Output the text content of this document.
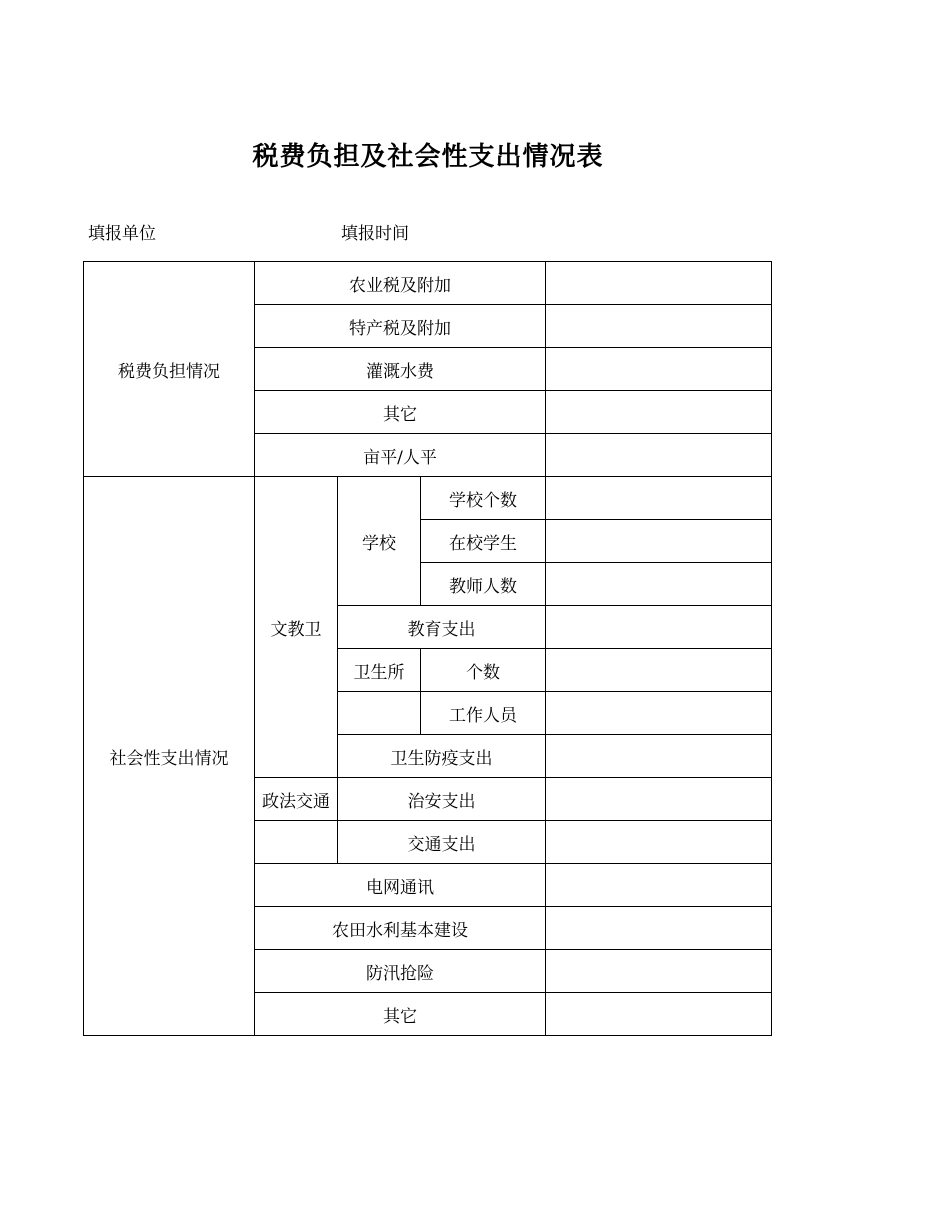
税费负担及社会性支出情况表
填报单位	填报时间
税费负担情况	农业税及附加			
	特产税及附加			
	灌溉水费			
	其它			
	亩平/人平			
社会性支出情况	文教卫	学校	学校个数	
			在校学生	
			教师人数	
		教育支出		
		卫生所	个数	
			工作人员	
		卫生防疫支出		
	政法交通	治安支出		
		交通支出		
	电网通讯			
	农田水利基本建设			
	防汛抢险			
	其它			
